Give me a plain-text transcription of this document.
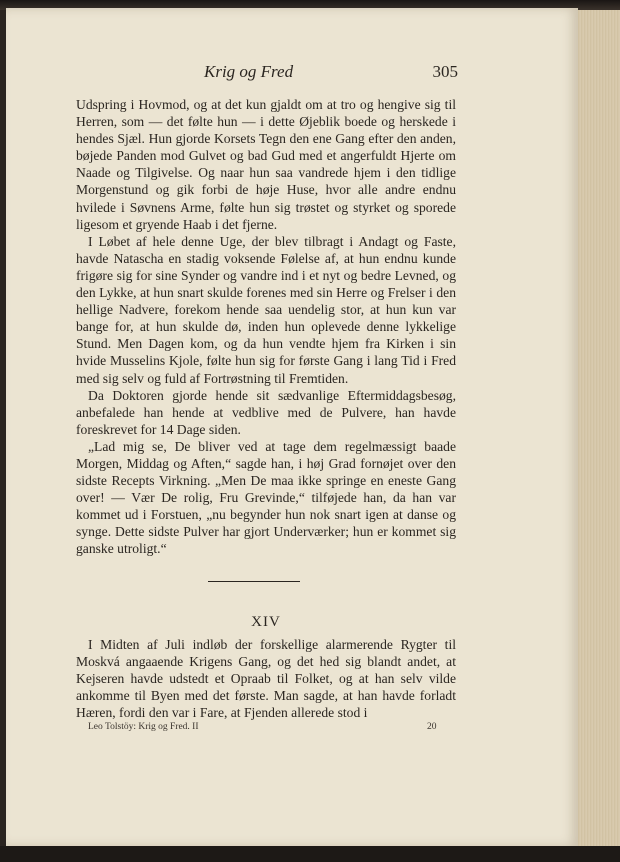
Krig og Fred	305

Udspring i Hovmod, og at det kun gjaldt om at tro og hengive sig til Herren, som — det følte hun — i dette Øjeblik boede og herskede i hendes Sjæl. Hun gjorde Korsets Tegn den ene Gang efter den anden, bøjede Panden mod Gulvet og bad Gud med et angerfuldt Hjerte om Naade og Tilgivelse. Og naar hun saa vandrede hjem i den tidlige Morgenstund og gik forbi de høje Huse, hvor alle andre endnu hvilede i Søvnens Arme, følte hun sig trøstet og styrket og sporede ligesom et gryende Haab i det fjerne.

I Løbet af hele denne Uge, der blev tilbragt i Andagt og Faste, havde Natascha en stadig voksende Følelse af, at hun endnu kunde frigøre sig for sine Synder og vandre ind i et nyt og bedre Levned, og den Lykke, at hun snart skulde forenes med sin Herre og Frelser i den hellige Nadvere, forekom hende saa uendelig stor, at hun kun var bange for, at hun skulde dø, inden hun oplevede denne lykkelige Stund. Men Dagen kom, og da hun vendte hjem fra Kirken i sin hvide Musselins Kjole, følte hun sig for første Gang i lang Tid i Fred med sig selv og fuld af Fortrøstning til Fremtiden.

Da Doktoren gjorde hende sit sædvanlige Eftermiddagsbesøg, anbefalede han hende at vedblive med de Pulvere, han havde foreskrevet for 14 Dage siden.

„Lad mig se, De bliver ved at tage dem regelmæssigt baade Morgen, Middag og Aften,“ sagde han, i høj Grad fornøjet over den sidste Recepts Virkning. „Men De maa ikke springe en eneste Gang over! — Vær De rolig, Fru Grevinde,“ tilføjede han, da han var kommet ud i Forstuen, „nu begynder hun nok snart igen at danse og synge. Dette sidste Pulver har gjort Underværker; hun er kommet sig ganske utroligt.“

XIV

I Midten af Juli indløb der forskellige alarmerende Rygter til Moskvá angaaende Krigens Gang, og det hed sig blandt andet, at Kejseren havde udstedt et Opraab til Folket, og at han selv vilde ankomme til Byen med det første. Man sagde, at han havde forladt Hæren, fordi den var i Fare, at Fjenden allerede stod i

Leo Tolstöy: Krig og Fred. II	20
